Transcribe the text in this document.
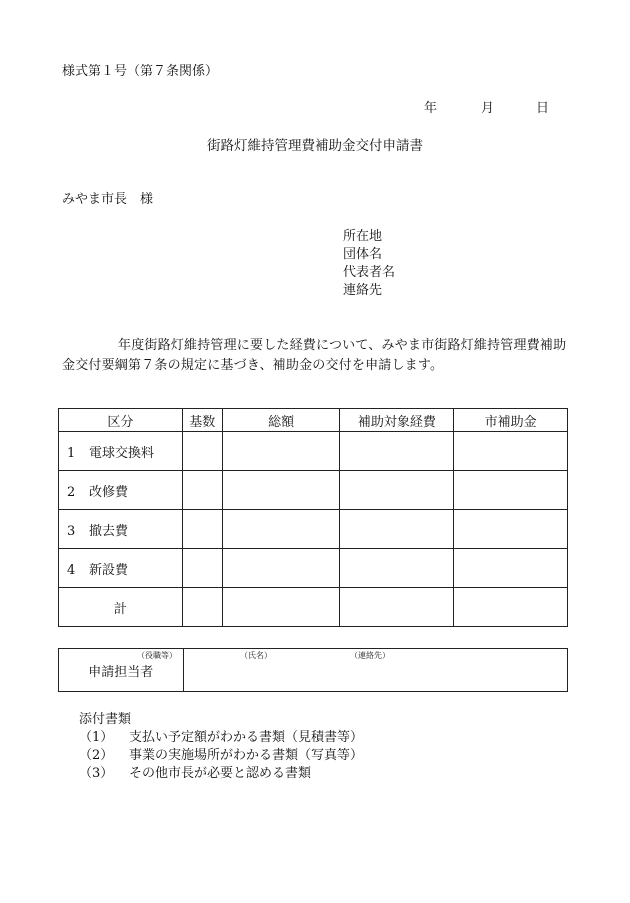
様式第１号（第７条関係）
年	月	日
街路灯維持管理費補助金交付申請書
みやま市長　様
所在地
団体名
代表者名
連絡先
年度街路灯維持管理に要した経費について、みやま市街路灯維持管理費補助金交付要綱第７条の規定に基づき、補助金の交付を申請します。
区分	基数	総額	補助対象経費	市補助金
1 電球交換料				
2 改修費				
3 撤去費				
4 新設費				
計				
申請担当者	
（役職等）	（氏名）	（連絡先）
添付書類
（1） 支払い予定額がわかる書類（見積書等）
（2） 事業の実施場所がわかる書類（写真等）
（3） その他市長が必要と認める書類
